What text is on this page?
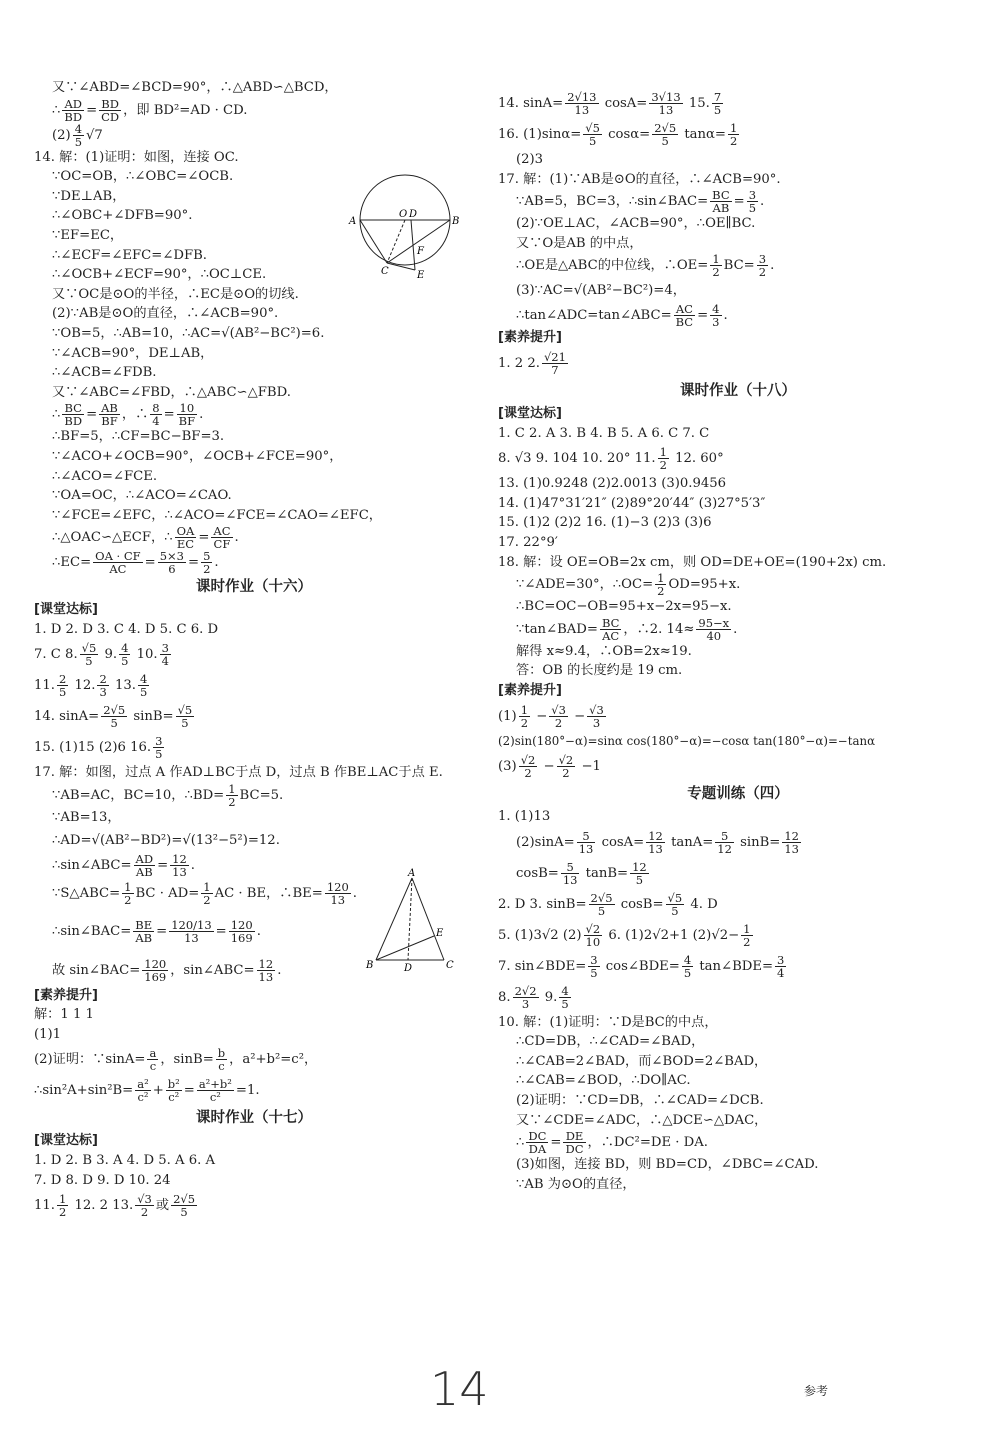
又∵∠ABD=∠BCD=90°，∴△ABD∽△BCD，
∴ $\frac{AD}{BD} = \frac{BD}{CD}$ ，即 BD²=AD · CD.
$(2) \frac{4}{5} √7$
14. 解：(1)证明：如图，连接 OC.
∵OC=OB，∴∠OBC=∠OCB.
∵DE⊥AB，
∴∠OBC+∠DFB=90°.
∵EF=EC，
∴∠ECF=∠EFC=∠DFB.
∴∠OCB+∠ECF=90°，∴OC⊥CE.
又∵OC是⊙O的半径，∴EC是⊙O的切线.
(2)∵AB是⊙O的直径，∴∠ACB=90°.
∵OB=5，∴AB=10，∴AC=√(AB²−BC²)=6.
∵∠ACB=90°，DE⊥AB，
∴∠ACB=∠FDB.
又∵∠ABC=∠FBD，∴△ABC∽△FBD.
∴ $\frac{BC}{BD} = \frac{AB}{BF}$ ，∴ $\frac{8}{4} = \frac{10}{BF}$ .
∴BF=5，∴CF=BC−BF=3.
∵∠ACO+∠OCB=90°，∠OCB+∠FCE=90°，
∴∠ACO=∠FCE.
∵OA=OC，∴∠ACO=∠CAO.
∵∠FCE=∠EFC，∴∠ACO=∠FCE=∠CAO=∠EFC，
∴△OAC∽△ECF，∴ $\frac{OA}{EC} = \frac{AC}{CF}$ .
∴EC= $\frac{OA \cdot CF}{AC} = \frac{5\times 3}{6} = \frac{5}{2}$ .
课时作业（十六）
[课堂达标]
1. D 2. D 3. C 4. D 5. C 6. D
7. C 8. $\frac{√5}{5} 9$. $\frac{4}{5} 10$. $\frac{3}{4}$
11. $\frac{2}{5} 12$. $\frac{2}{3} 13$. $\frac{4}{5}$
14. $\sin A= \frac{2√5}{5} \sin B= \frac{√5}{5}$
15. (1)15 (2)6 16. $\frac{3}{5}$
17. 解：如图，过点 A 作AD⊥BC于点 D，过点 B 作BE⊥AC于点 E.
∵AB=AC，BC=10，∴BD= $\frac{1}{2} BC=5$.
∵AB=13，
∴AD=√(AB²−BD²)=√(13²−5²)=12.
∴sin∠ABC= $\frac{AD}{AB} = \frac{12}{13}$ .
∵S△ABC= $\frac{1}{2}$ BC · $AD= \frac{1}{2}$ AC · BE，∴BE= $\frac{120}{13}$ .
∴sin∠BAC= $\frac{BE}{AB} = \frac{120/13}{13} = \frac{120}{169}$ .
故 sin∠BAC= $\frac{120}{169}$ ，sin∠ABC= $\frac{12}{13}$ .
[素养提升]
解：1 1 1
(1)1
(2)证明：∵sinA= $\frac{a}{c}$ ，$\sin B= \frac{b}{c}$ ，a²+b²=c²，
∴sin²A+sin²B= $\frac{\text{a²}}{\text{c²}} + \frac{\text{b²}}{\text{c²}} = \frac{\text{a²+b²}}{\text{c²}} =1$.
课时作业（十七）
[课堂达标]
1. D 2. B 3. A 4. D 5. A 6. A
7. D 8. D 9. D 10. 24
11. $\frac{1}{2} 12$. 2 13. $\frac{√3}{2}$ 或 $\frac{2√5}{5}$
A	B
O D
F
C	E
A
B	C
D
E
14. $\sin A= \frac{2√13}{13} \cos A= \frac{3√13}{13} 15$. $\frac{7}{5}$
16. $(1)\sin\alpha= \frac{√5}{5} \cos\alpha= \frac{2√5}{5} \tan\alpha= \frac{1}{2}$
(2)3
17. 解：(1)∵AB是⊙O的直径，∴∠ACB=90°.
∵AB=5，BC=3，∴sin∠BAC= $\frac{BC}{AB} = \frac{3}{5}$ .
(2)∵OE⊥AC，∠ACB=90°，∴OE∥BC.
又∵O是AB 的中点，
∴OE是△ABC的中位线，∴OE= $\frac{1}{2} BC= \frac{3}{2}$ .
(3)∵AC=√(AB²−BC²)=4，
∴tan∠ADC=tan∠ABC= $\frac{AC}{BC} = \frac{4}{3}$ .
[素养提升]
1. 2 2. $\frac{√21}{7}$
课时作业（十八）
[课堂达标]
1. C 2. A 3. B 4. B 5. A 6. C 7. C
8. √3 9. 104 10. 20° 11. $\frac{1}{2} 12$. 60°
13. (1)0.9248 (2)2.0013 (3)0.9456
14. (1)47°31′21″ (2)89°20′44″ (3)27°5′3″
15. (1)2 (2)2 16. (1)−3 (2)3 (3)6
17. 22°9′
18. 解：设 OE=OB=2x cm，则 OD=DE+OE=(190+2x) cm.
∵∠ADE=30°，∴OC= $\frac{1}{2} OD=95+x$.
∴BC=OC−OB=95+x−2x=95−x.
∵tan∠BAD= $\frac{BC}{AC}$ ，∴2. $14\approx \frac{95-x}{40}$ .
解得 x≈9.4，∴OB=2x≈19.
答：OB 的长度约是 19 cm.
[素养提升]
$(1) \frac{1}{2} - \frac{√3}{2} - \frac{√3}{3}$
(2)sin(180°−α)=sinα cos(180°−α)=−cosα tan(180°−α)=−tanα
$(3) \frac{√2}{2} - \frac{√2}{2} -1$
专题训练（四）
1. (1)13
$(2)\sin A= \frac{5}{13} \cos A= \frac{12}{13} \tan A= \frac{5}{12} \sin B= \frac{12}{13}$
$\cos B= \frac{5}{13} \tan B= \frac{12}{5}$
2. D 3. $\sin B= \frac{2√5}{5} \cos B= \frac{√5}{5} 4$. D
5. (1)3√2 $(2) \frac{√2}{10} 6$. (1)2√2+1 $(2)√2- \frac{1}{2}$
7. sin∠BDE= $\frac{3}{5}$ cos∠BDE= $\frac{4}{5}$ tan∠BDE= $\frac{3}{4}$
8. $\frac{2√2}{3} 9$. $\frac{4}{5}$
10. 解：(1)证明：∵D是BC的中点，
∴CD=DB，∴∠CAD=∠BAD，
∴∠CAB=2∠BAD，而∠BOD=2∠BAD，
∴∠CAB=∠BOD，∴DO∥AC.
(2)证明：∵CD=DB，∴∠CAD=∠DCB.
又∵∠CDE=∠ADC，∴△DCE∽△DAC，
∴ $\frac{DC}{DA} = \frac{DE}{DC}$ ，∴DC²=DE · DA.
(3)如图，连接 BD，则 BD=CD，∠DBC=∠CAD.
∵AB 为⊙O的直径，
参考
14
